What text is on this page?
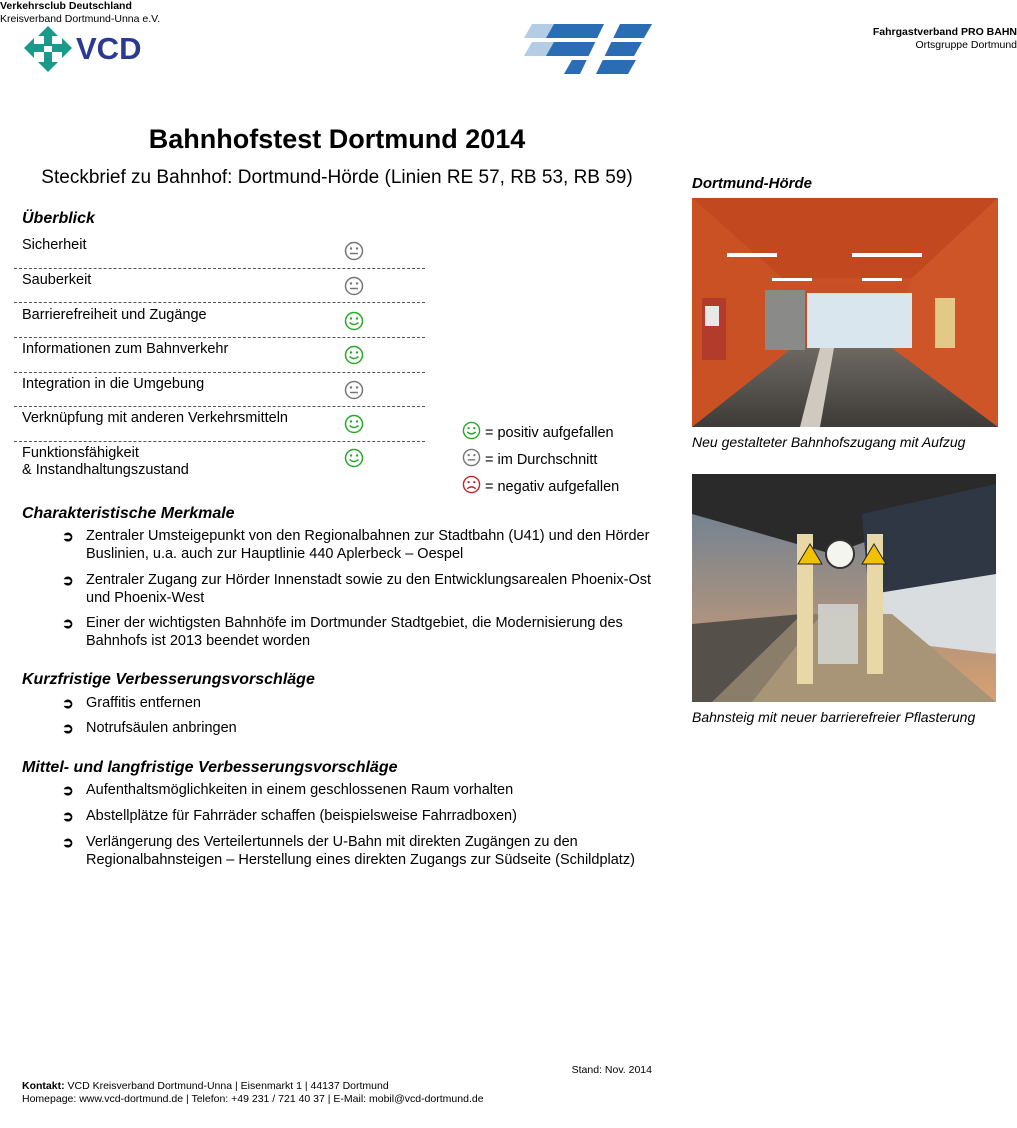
VCD
Verkehrsclub Deutschland
Kreisverband Dortmund-Unna e.V.
Fahrgastverband PRO BAHN
Ortsgruppe Dortmund
Bahnhofstest Dortmund 2014
Steckbrief zu Bahnhof: Dortmund-Hörde (Linien RE 57, RB 53, RB 59)
Überblick
Sicherheit
Sauberkeit
Barrierefreiheit und Zugänge
Informationen zum Bahnverkehr
Integration in die Umgebung
Verknüpfung mit anderen Verkehrsmitteln
Funktionsfähigkeit
& Instandhaltungszustand
= positiv aufgefallen
= im Durchschnitt
= negativ aufgefallen
Charakteristische Merkmale
➲ Zentraler Umsteigepunkt von den Regionalbahnen zur Stadtbahn (U41) und den Hörder Buslinien, u.a. auch zur Hauptlinie 440 Aplerbeck – Oespel
➲ Zentraler Zugang zur Hörder Innenstadt sowie zu den Entwicklungsarealen Phoenix-Ost und Phoenix-West
➲ Einer der wichtigsten Bahnhöfe im Dortmunder Stadtgebiet, die Modernisierung des Bahnhofs ist 2013 beendet worden
Kurzfristige Verbesserungsvorschläge
➲ Graffitis entfernen
➲ Notrufsäulen anbringen
Mittel- und langfristige Verbesserungsvorschläge
➲ Aufenthaltsmöglichkeiten in einem geschlossenen Raum vorhalten
➲ Abstellplätze für Fahrräder schaffen (beispielsweise Fahrradboxen)
➲ Verlängerung des Verteilertunnels der U-Bahn mit direkten Zugängen zu den Regionalbahnsteigen – Herstellung eines direkten Zugangs zur Südseite (Schildplatz)
Dortmund-Hörde
Neu gestalteter Bahnhofszugang mit Aufzug
Bahnsteig mit neuer barrierefreier Pflasterung
Stand: Nov. 2014
Kontakt: VCD Kreisverband Dortmund-Unna | Eisenmarkt 1 | 44137 Dortmund
Homepage: www.vcd-dortmund.de | Telefon: +49 231 / 721 40 37 | E-Mail: mobil@vcd-dortmund.de
